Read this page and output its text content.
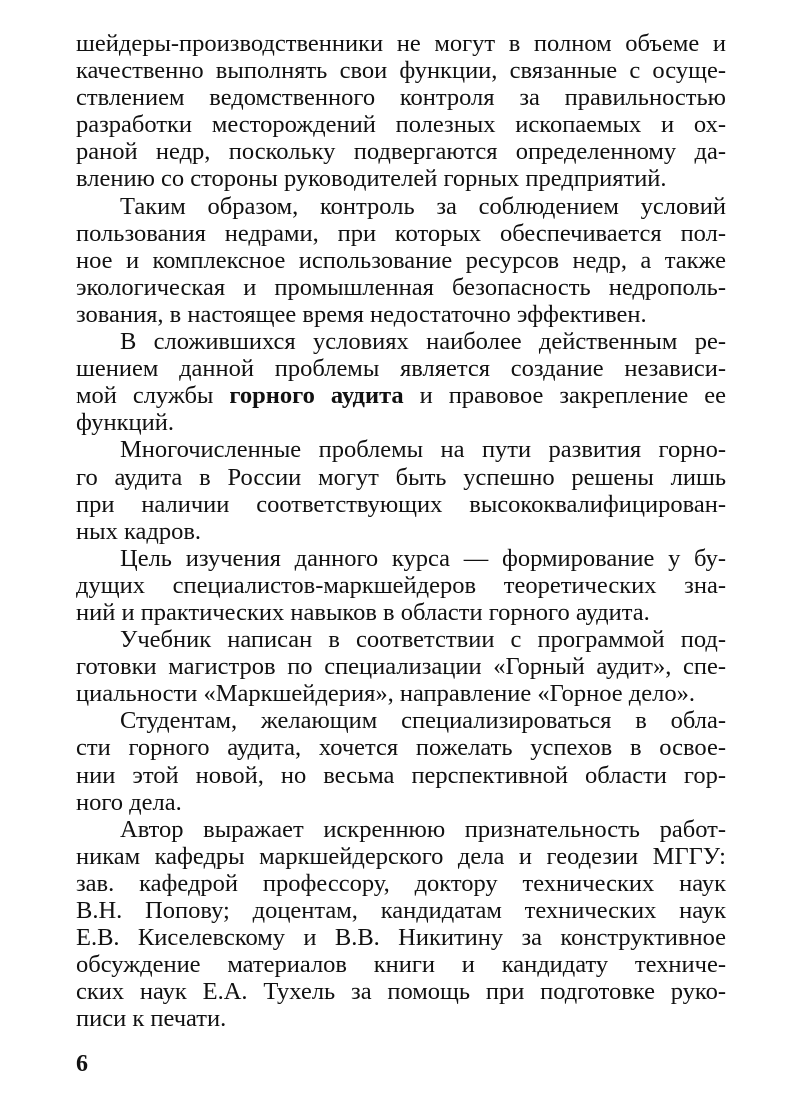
шейдеры-производственники не могут в полном объеме и
качественно выполнять свои функции, связанные с осуще-
ствлением ведомственного контроля за правильностью
разработки месторождений полезных ископаемых и ох-
раной недр, поскольку подвергаются определенному да-
влению со стороны руководителей горных предприятий.
Таким образом, контроль за соблюдением условий
пользования недрами, при которых обеспечивается пол-
ное и комплексное использование ресурсов недр, а также
экологическая и промышленная безопасность недрополь-
зования, в настоящее время недостаточно эффективен.
В сложившихся условиях наиболее действенным ре-
шением данной проблемы является создание независи-
мой службы горного аудита и правовое закрепление ее
функций.
Многочисленные проблемы на пути развития горно-
го аудита в России могут быть успешно решены лишь
при наличии соответствующих высококвалифицирован-
ных кадров.
Цель изучения данного курса — формирование у бу-
дущих специалистов-маркшейдеров теоретических зна-
ний и практических навыков в области горного аудита.
Учебник написан в соответствии с программой под-
готовки магистров по специализации «Горный аудит», спе-
циальности «Маркшейдерия», направление «Горное дело».
Студентам, желающим специализироваться в обла-
сти горного аудита, хочется пожелать успехов в освое-
нии этой новой, но весьма перспективной области гор-
ного дела.
Автор выражает искреннюю признательность работ-
никам кафедры маркшейдерского дела и геодезии МГГУ:
зав. кафедрой профессору, доктору технических наук
В.Н. Попову; доцентам, кандидатам технических наук
Е.В. Киселевскому и В.В. Никитину за конструктивное
обсуждение материалов книги и кандидату техниче-
ских наук Е.А. Тухель за помощь при подготовке руко-
писи к печати.
6
